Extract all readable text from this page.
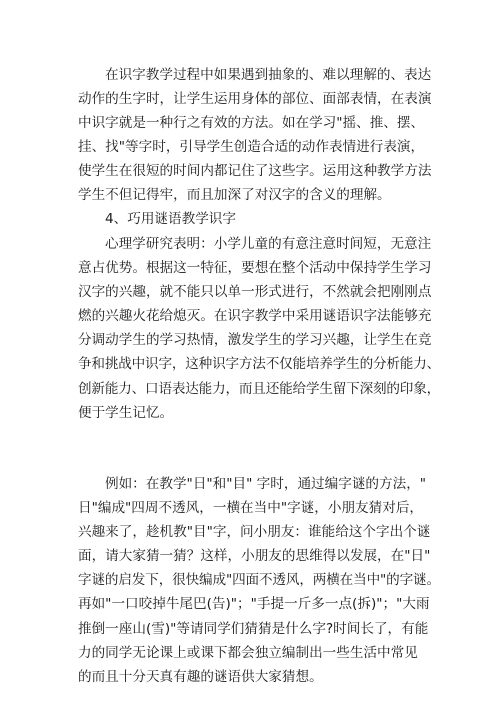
在识字教学过程中如果遇到抽象的、难以理解的、表达
动作的生字时，让学生运用身体的部位、面部表情，在表演
中识字就是一种行之有效的方法。如在学习"摇、推、摆、
挂、找"等字时，引导学生创造合适的动作表情进行表演，
使学生在很短的时间内都记住了这些字。运用这种教学方法
学生不但记得牢，而且加深了对汉字的含义的理解。
4、巧用谜语教学识字
心理学研究表明：小学儿童的有意注意时间短，无意注
意占优势。根据这一特征，要想在整个活动中保持学生学习
汉字的兴趣，就不能只以单一形式进行，不然就会把刚刚点
燃的兴趣火花给熄灭。在识字教学中采用谜语识字法能够充
分调动学生的学习热情，激发学生的学习兴趣，让学生在竞
争和挑战中识字，这种识字方法不仅能培养学生的分析能力、
创新能力、口语表达能力，而且还能给学生留下深刻的印象，
便于学生记忆。
例如：在教学"日"和"目" 字时，通过编字谜的方法，"
日"编成"四周不透风，一横在当中"字谜，小朋友猜对后，
兴趣来了，趁机教"目"字，问小朋友：谁能给这个字出个谜
面，请大家猜一猜？这样，小朋友的思维得以发展，在"日"
字谜的启发下，很快编成"四面不透风，两横在当中"的字谜。
再如"一口咬掉牛尾巴(告)"；"手提一斤多一点(拆)"；"大雨
推倒一座山(雪)"等请同学们猜猜是什么字?时间长了，有能
力的同学无论课上或课下都会独立编制出一些生活中常见
的而且十分天真有趣的谜语供大家猜想。
